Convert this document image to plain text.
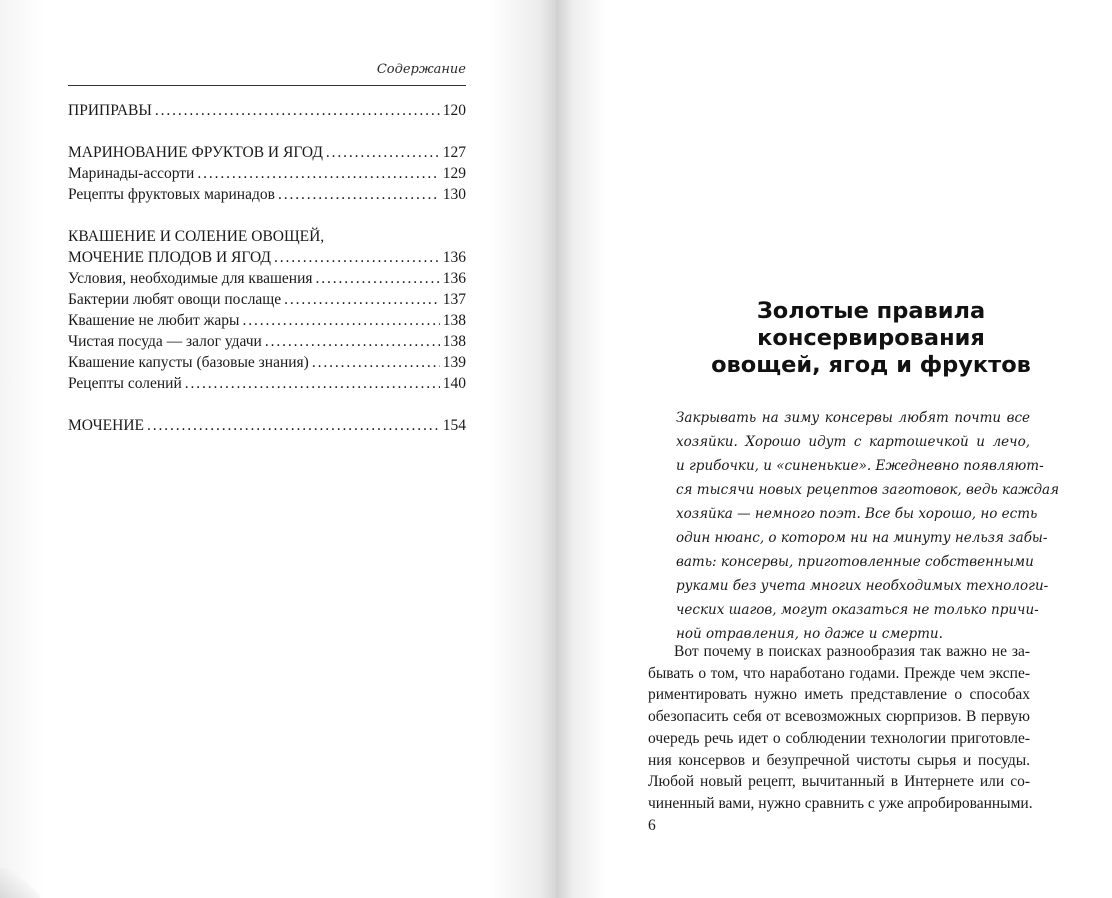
Содержание
ПРИПРАВЫ . . .	120
МАРИНОВАНИЕ ФРУКТОВ И ЯГОД . . .	127
Маринады-ассорти . . .	129
Рецепты фруктовых маринадов . . .	130
КВАШЕНИЕ И СОЛЕНИЕ ОВОЩЕЙ,
МОЧЕНИЕ ПЛОДОВ И ЯГОД . . .	136
Условия, необходимые для квашения . . .	136
Бактерии любят овощи послаще . . .	137
Квашение не любит жары . . .	138
Чистая посуда — залог удачи . . .	138
Квашение капусты (базовые знания) . . .	139
Рецепты солений . . .	140
МОЧЕНИЕ . . .	154
Золотые правила
консервирования
овощей, ягод и фруктов
Закрывать на зиму консервы любят почти все
хозяйки. Хорошо идут с картошечкой и лечо,
и грибочки, и «синенькие». Ежедневно появляют-
ся тысячи новых рецептов заготовок, ведь каждая
хозяйка — немного поэт. Все бы хорошо, но есть
один нюанс, о котором ни на минуту нельзя забы-
вать: консервы, приготовленные собственными
руками без учета многих необходимых технологи-
ческих шагов, могут оказаться не только причи-
ной отравления, но даже и смерти.
Вот почему в поисках разнообразия так важно не за-
бывать о том, что наработано годами. Прежде чем экспе-
риментировать нужно иметь представление о способах
обезопасить себя от всевозможных сюрпризов. В первую
очередь речь идет о соблюдении технологии приготовле-
ния консервов и безупречной чистоты сырья и посуды.
Любой новый рецепт, вычитанный в Интернете или со-
чиненный вами, нужно сравнить с уже апробированными.
6
